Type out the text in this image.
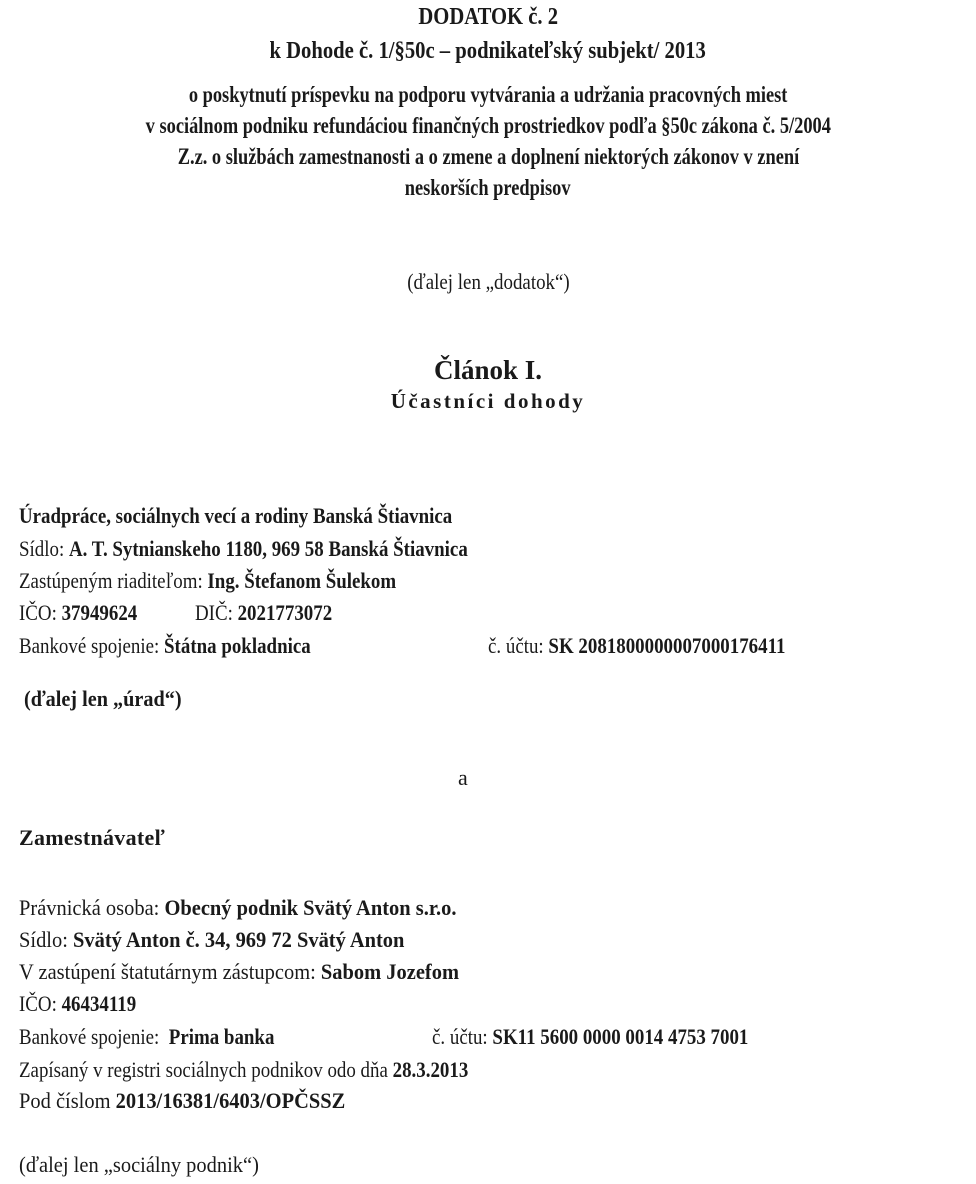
DODATOK č. 2
k Dohode č. 1/§50c – podnikateľský subjekt/ 2013
o poskytnutí príspevku na podporu vytvárania a udržania pracovných miest
v sociálnom podniku refundáciou finančných prostriedkov podľa §50c zákona č. 5/2004
Z.z. o službách zamestnanosti a o zmene a doplnení niektorých zákonov v znení
neskorších predpisov
(ďalej len „dodatok“)
Článok I.
Účastníci dohody
Úradpráce, sociálnych vecí a rodiny Banská Štiavnica
Sídlo: A. T. Sytnianskeho 1180, 969 58 Banská Štiavnica
Zastúpeným riaditeľom: Ing. Štefanom Šulekom
IČO: 37949624	DIČ: 2021773072
Bankové spojenie: Štátna pokladnica	č. účtu: SK 2081800000007000176411
(ďalej len „úrad“)
a
Zamestnávateľ
Právnická osoba: Obecný podnik Svätý Anton s.r.o.
Sídlo: Svätý Anton č. 34, 969 72 Svätý Anton
V zastúpení štatutárnym zástupcom: Sabom Jozefom
IČO: 46434119
Bankové spojenie:  Prima banka	č. účtu: SK11 5600 0000 0014 4753 7001
Zapísaný v registri sociálnych podnikov odo dňa 28.3.2013
Pod číslom 2013/16381/6403/OPČSSZ
(ďalej len „sociálny podnik“)
